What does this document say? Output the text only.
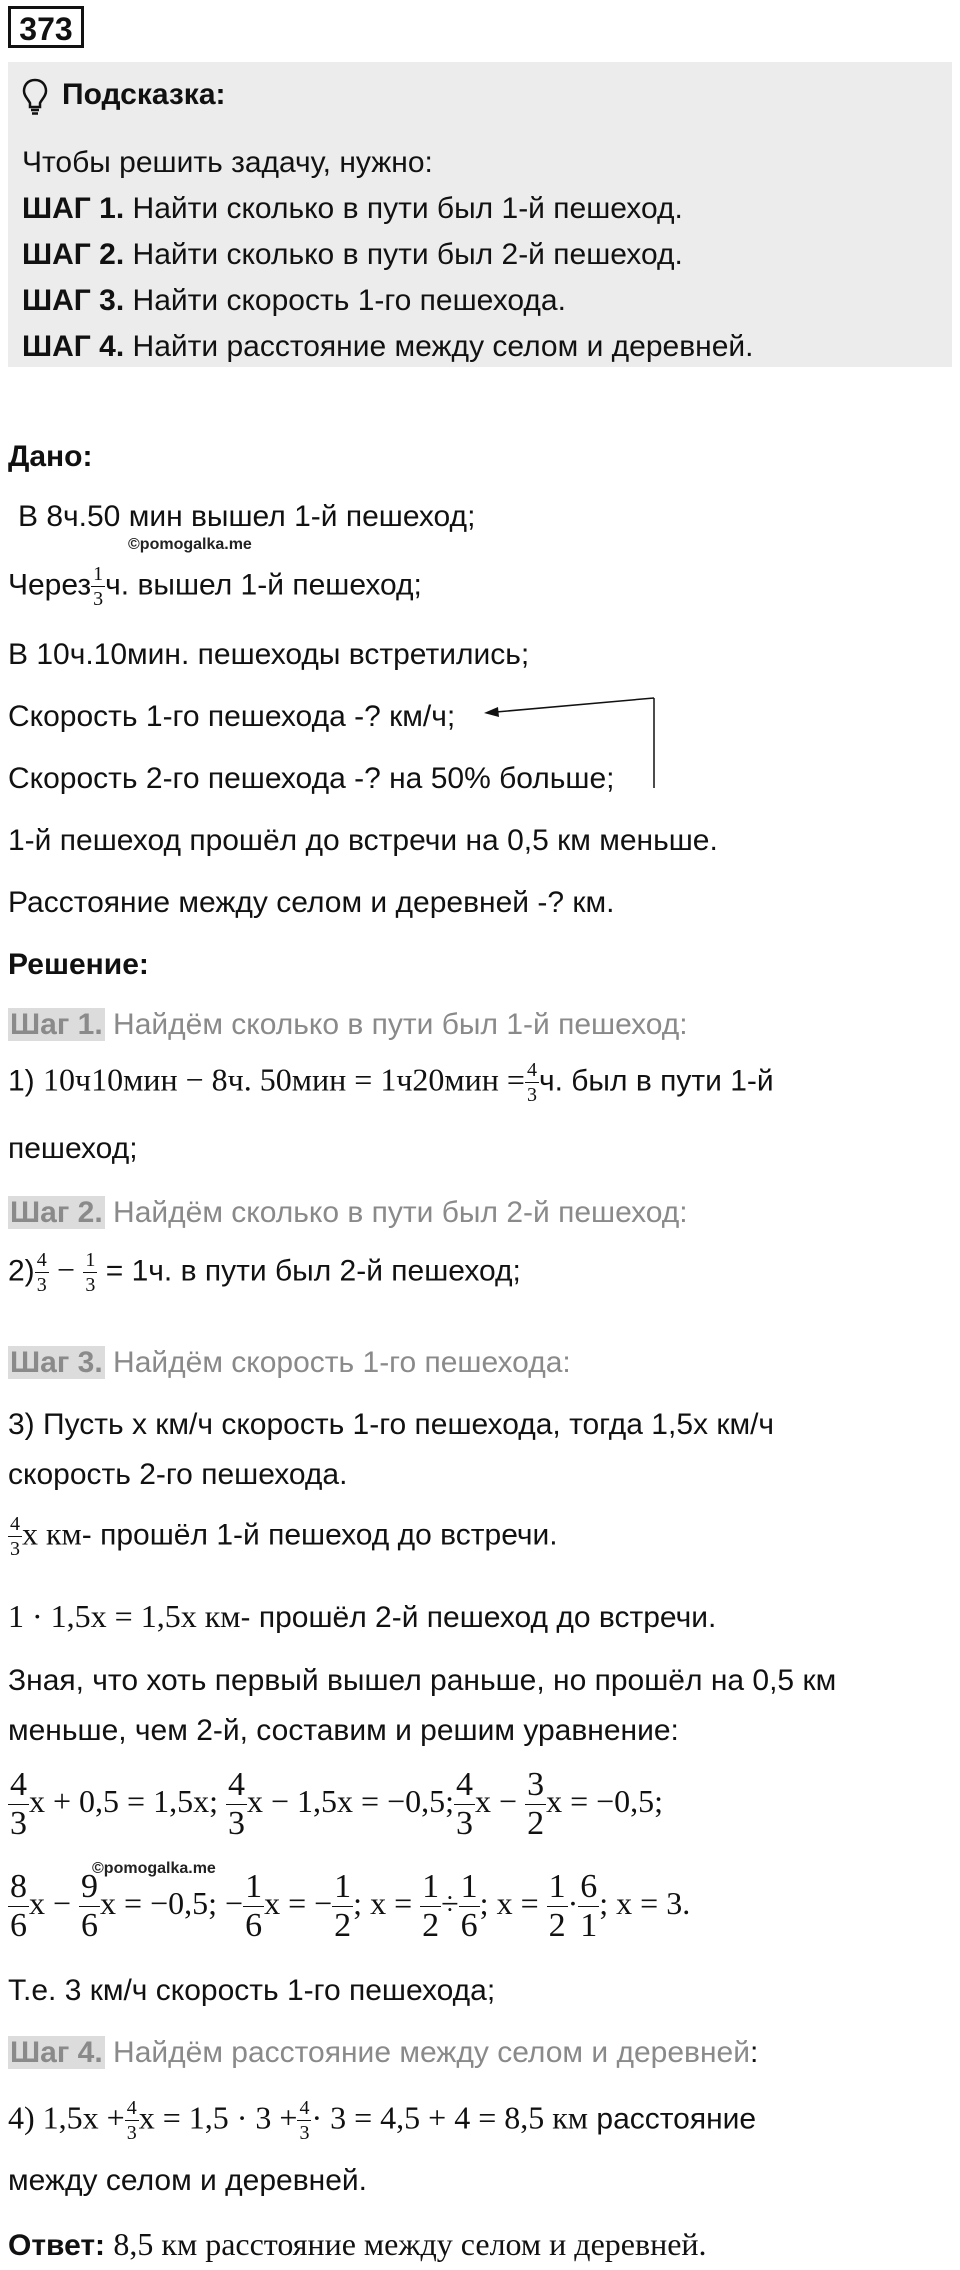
373
Подсказка:
Чтобы решить задачу, нужно:
ШАГ 1. Найти сколько в пути был 1-й пешеход.
ШАГ 2. Найти сколько в пути был 2-й пешеход.
ШАГ 3. Найти скорость 1-го пешехода.
ШАГ 4. Найти расстояние между селом и деревней.
Дано:
В 8ч.50 мин вышел 1-й пешеход;
©pomogalka.me
Через $\frac{1}{3} ч$. вышел 1-й пешеход;
В 10ч.10мин. пешеходы встретились;
Скорость 1-го пешехода -? км/ч;
Скорость 2-го пешехода -? на 50% больше;
1-й пешеход прошёл до встречи на 0,5 км меньше.
Расстояние между селом и деревней -? км.
Решение:
Шаг 1. Найдём сколько в пути был 1-й пешеход:
1) 10ч10мин − 8ч. $50мин = 1ч20мин = \frac{4}{3} ч$. был в пути 1-й
пешеход;
Шаг 2. Найдём сколько в пути был 2-й пешеход:
$2) \frac{4}{3} - \frac{1}{3} = 1ч$. в пути был 2-й пешеход;
Шаг 3. Найдём скорость 1-го пешехода:
3) Пусть x км/ч скорость 1-го пешехода, тогда 1,5x км/ч
скорость 2-го пешехода.
$\frac{4}{3}$ x км- прошёл 1-й пешеход до встречи.
1 · 1,5x = 1,5x км- прошёл 2-й пешеход до встречи.
Зная, что хоть первый вышел раньше, но прошёл на 0,5 км
меньше, чем 2-й, составим и решим уравнение:
$\frac{4}{3}$ x + 0,5 = 1,5x; $\frac{4}{3}$ x − 1,5x = −0,5; $\frac{4}{3}$ $x - \frac{3}{2}$ x = −0,5;
©pomogalka.me
$\frac{8}{6}$ $x - \frac{9}{6}$ x = −0,5; − $\frac{1}{6}$ x = − $\frac{1}{2}$ ; $x = \frac{1}{2} \div \frac{1}{6}$ ; $x = \frac{1}{2} \cdot \frac{6}{1}$ ; x = 3.
Т.е. 3 км/ч скорость 1-го пешехода;
Шаг 4. Найдём расстояние между селом и деревней:
4) $1,5x + \frac{4}{3}$ $x = 1,5 \cdot 3 + \frac{4}{3} \cdot 3 = 4,5 + 4 = 8,5$ км расстояние
между селом и деревней.
Ответ: 8,5 км расстояние между селом и деревней.
